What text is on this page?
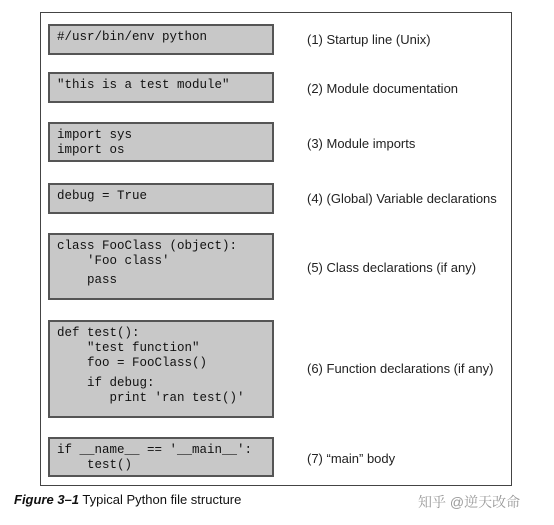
#/usr/bin/env python	(1) Startup line (Unix)
"this is a test module"	(2) Module documentation
import sys
import os	(3) Module imports
debug = True	(4) (Global) Variable declarations
class FooClass (object):
'Foo class'
pass
(5) Class declarations (if any)
def test():
"test function"
foo = FooClass()
if debug:
print 'ran test()'
(6) Function declarations (if any)
if __name__ == '__main__':
test()	(7) “main” body
Figure 3–1 Typical Python file structure	知乎 @逆天改命
